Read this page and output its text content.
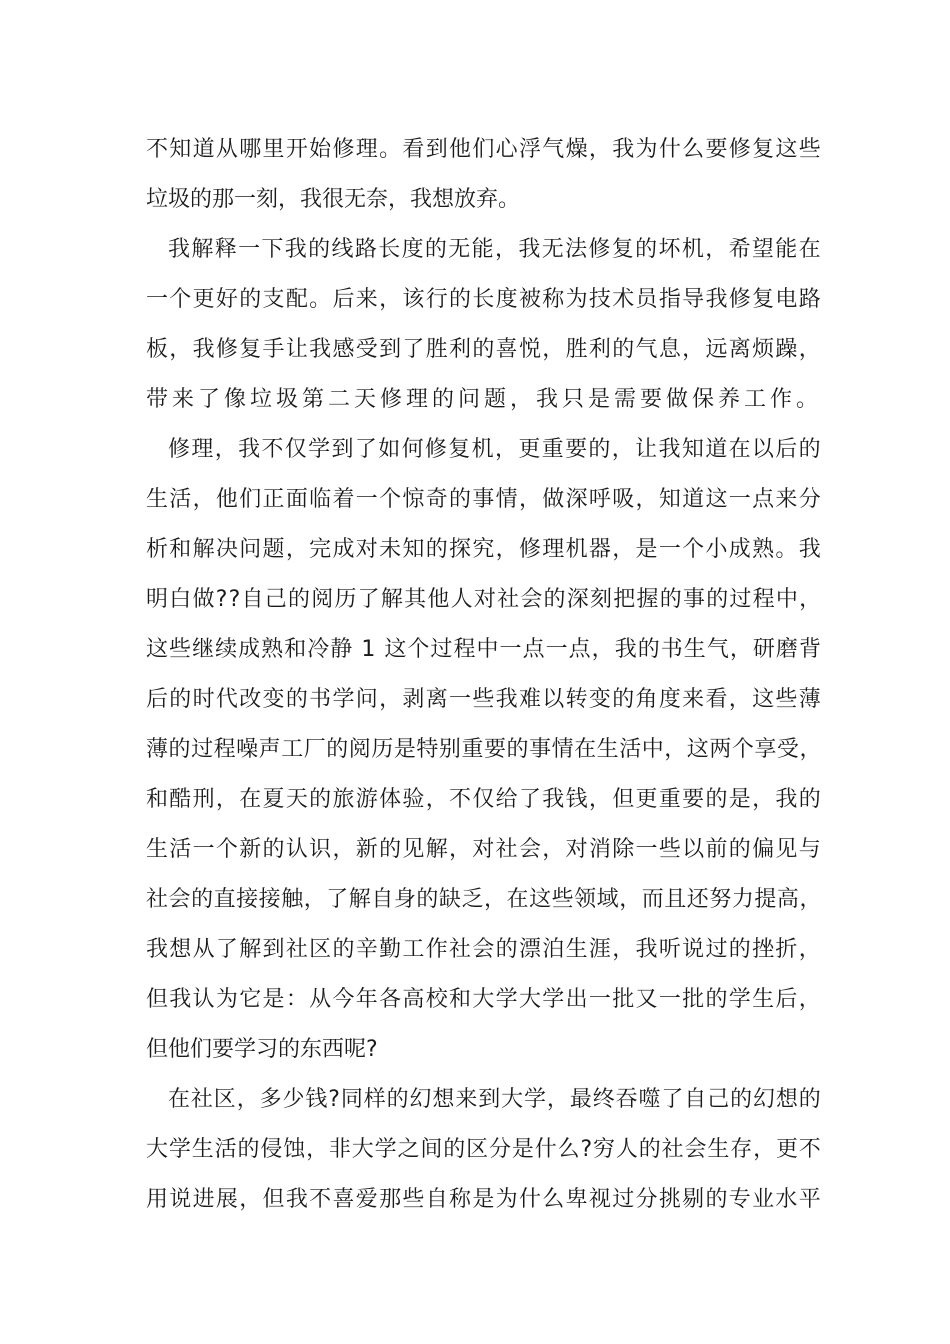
不知道从哪里开始修理。看到他们心浮气燥，我为什么要修复这些
垃圾的那一刻，我很无奈，我想放弃。
我解释一下我的线路长度的无能，我无法修复的坏机，希望能在
一个更好的支配。后来，该行的长度被称为技术员指导我修复电路
板，我修复手让我感受到了胜利的喜悦，胜利的气息，远离烦躁，
带来了像垃圾第二天修理的问题，我只是需要做保养工作。
修理，我不仅学到了如何修复机，更重要的，让我知道在以后的
生活，他们正面临着一个惊奇的事情，做深呼吸，知道这一点来分
析和解决问题，完成对未知的探究，修理机器，是一个小成熟。我
明白做??自己的阅历了解其他人对社会的深刻把握的事的过程中，
这些继续成熟和冷静 1 这个过程中一点一点，我的书生气，研磨背
后的时代改变的书学问，剥离一些我难以转变的角度来看，这些薄
薄的过程噪声工厂的阅历是特别重要的事情在生活中，这两个享受，
和酷刑，在夏天的旅游体验，不仅给了我钱，但更重要的是，我的
生活一个新的认识，新的见解，对社会，对消除一些以前的偏见与
社会的直接接触，了解自身的缺乏，在这些领域，而且还努力提高，
我想从了解到社区的辛勤工作社会的漂泊生涯，我听说过的挫折，
但我认为它是：从今年各高校和大学大学出一批又一批的学生后，
但他们要学习的东西呢?
在社区，多少钱?同样的幻想来到大学，最终吞噬了自己的幻想的
大学生活的侵蚀，非大学之间的区分是什么?穷人的社会生存，更不
用说进展，但我不喜爱那些自称是为什么卑视过分挑剔的专业水平
